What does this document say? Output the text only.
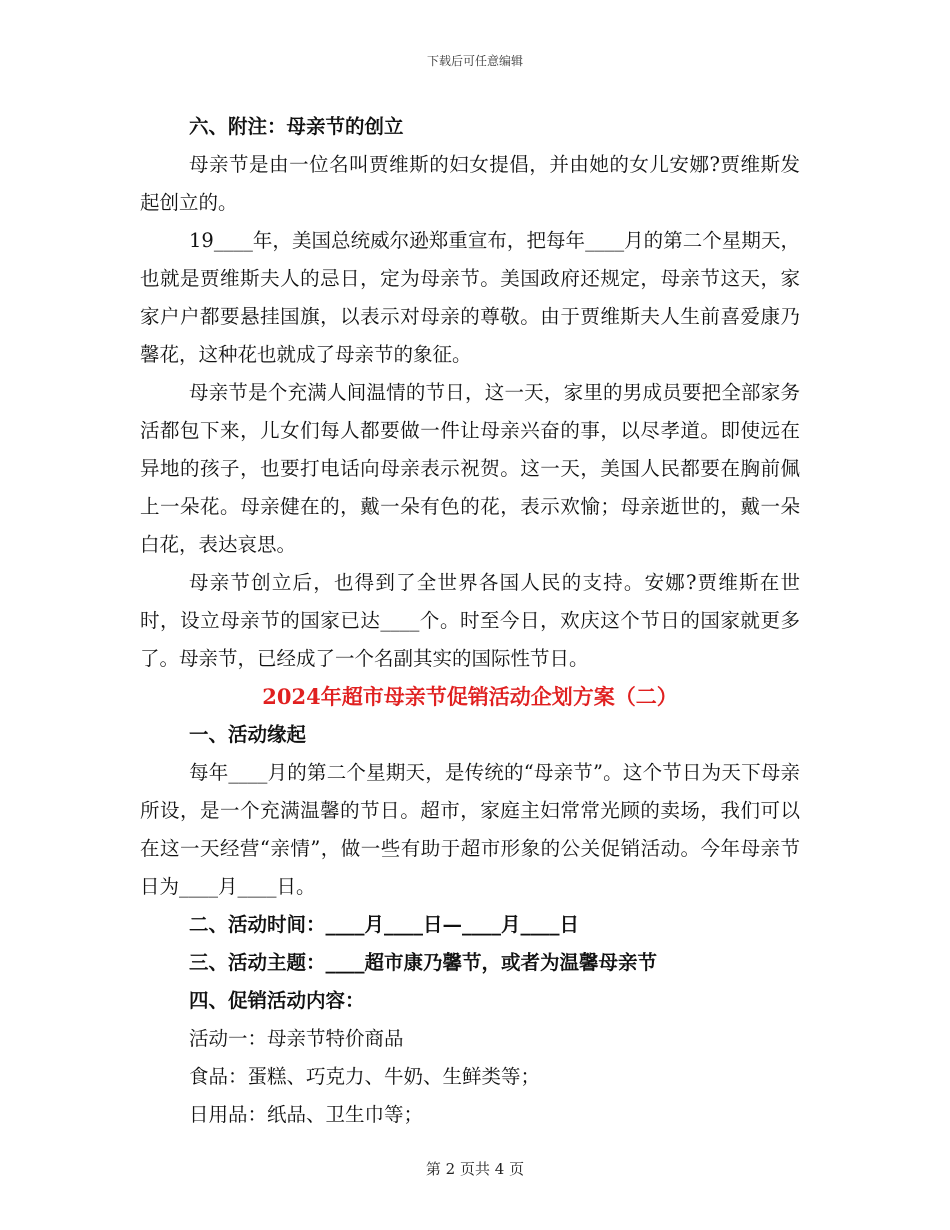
下载后可任意编辑

六、附注：母亲节的创立

母亲节是由一位名叫贾维斯的妇女提倡，并由她的女儿安娜?贾维斯发起创立的。

19____年，美国总统威尔逊郑重宣布，把每年____月的第二个星期天，也就是贾维斯夫人的忌日，定为母亲节。美国政府还规定，母亲节这天，家家户户都要悬挂国旗，以表示对母亲的尊敬。由于贾维斯夫人生前喜爱康乃馨花，这种花也就成了母亲节的象征。

母亲节是个充满人间温情的节日，这一天，家里的男成员要把全部家务活都包下来，儿女们每人都要做一件让母亲兴奋的事，以尽孝道。即使远在异地的孩子，也要打电话向母亲表示祝贺。这一天，美国人民都要在胸前佩上一朵花。母亲健在的，戴一朵有色的花，表示欢愉；母亲逝世的，戴一朵白花，表达哀思。

母亲节创立后，也得到了全世界各国人民的支持。安娜?贾维斯在世时，设立母亲节的国家已达____个。时至今日，欢庆这个节日的国家就更多了。母亲节，已经成了一个名副其实的国际性节日。

2024年超市母亲节促销活动企划方案（二）

一、活动缘起

每年____月的第二个星期天，是传统的“母亲节”。这个节日为天下母亲所设，是一个充满温馨的节日。超市，家庭主妇常常光顾的卖场，我们可以在这一天经营“亲情”，做一些有助于超市形象的公关促销活动。今年母亲节日为____月____日。

二、活动时间：____月____日—____月____日

三、活动主题：____超市康乃馨节，或者为温馨母亲节

四、促销活动内容：

活动一：母亲节特价商品

食品：蛋糕、巧克力、牛奶、生鲜类等；

日用品：纸品、卫生巾等；

第 2 页共 4 页
